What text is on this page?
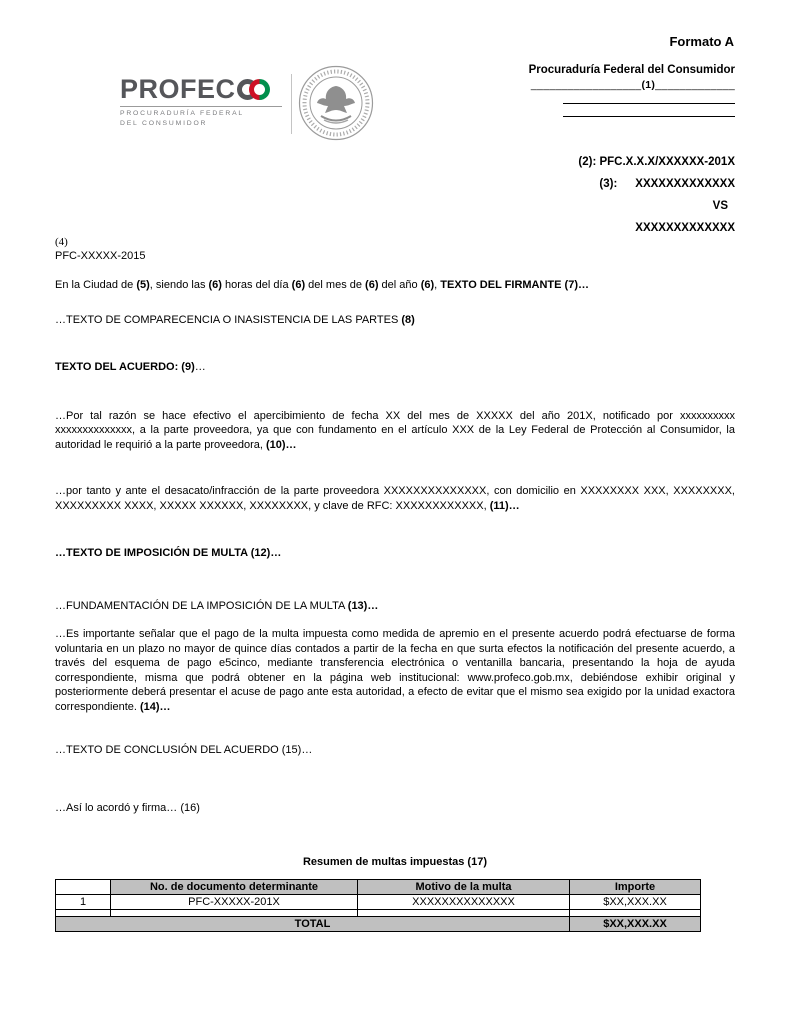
Formato A
PROFEC
PROCURADURÍA FEDERAL
DEL CONSUMIDOR
Procuraduría Federal del Consumidor
__________________(1)_____________
(2): PFC.X.X.X/XXXXXX-201X
(3): XXXXXXXXXXXXX
VS
XXXXXXXXXXXXX
(4)
PFC-XXXXX-2015

En la Ciudad de (5), siendo las (6) horas del día (6) del mes de (6) del año (6), TEXTO DEL FIRMANTE (7)…

…TEXTO DE COMPARECENCIA O INASISTENCIA DE LAS PARTES (8)

TEXTO DEL ACUERDO: (9)…

…Por tal razón se hace efectivo el apercibimiento de fecha XX del mes de XXXXX del año 201X, notificado por xxxxxxxxxx xxxxxxxxxxxxxx, a la parte proveedora, ya que con fundamento en el artículo XXX de la Ley Federal de Protección al Consumidor, la autoridad le requirió a la parte proveedora, (10)…

…por tanto y ante el desacato/infracción de la parte proveedora XXXXXXXXXXXXXX, con domicilio en XXXXXXXX XXX, XXXXXXXX, XXXXXXXXX XXXX, XXXXX XXXXXX, XXXXXXXX, y clave de RFC: XXXXXXXXXXXX, (11)…

…TEXTO DE IMPOSICIÓN DE MULTA (12)…

…FUNDAMENTACIÓN DE LA IMPOSICIÓN DE LA MULTA (13)…

…Es importante señalar que el pago de la multa impuesta como medida de apremio en el presente acuerdo podrá efectuarse de forma voluntaria en un plazo no mayor de quince días contados a partir de la fecha en que surta efectos la notificación del presente acuerdo, a través del esquema de pago e5cinco, mediante transferencia electrónica o ventanilla bancaria, presentando la hoja de ayuda correspondiente, misma que podrá obtener en la página web institucional: www.profeco.gob.mx, debiéndose exhibir original y posteriormente deberá presentar el acuse de pago ante esta autoridad, a efecto de evitar que el mismo sea exigido por la unidad exactora correspondiente. (14)…

…TEXTO DE CONCLUSIÓN DEL ACUERDO (15)…

…Así lo acordó y firma… (16)

Resumen de multas impuestas (17)
	No. de documento determinante	Motivo de la multa	Importe
1	PFC-XXXXX-201X	XXXXXXXXXXXXXX	$XX,XXX.XX

TOTAL			$XX,XXX.XX
